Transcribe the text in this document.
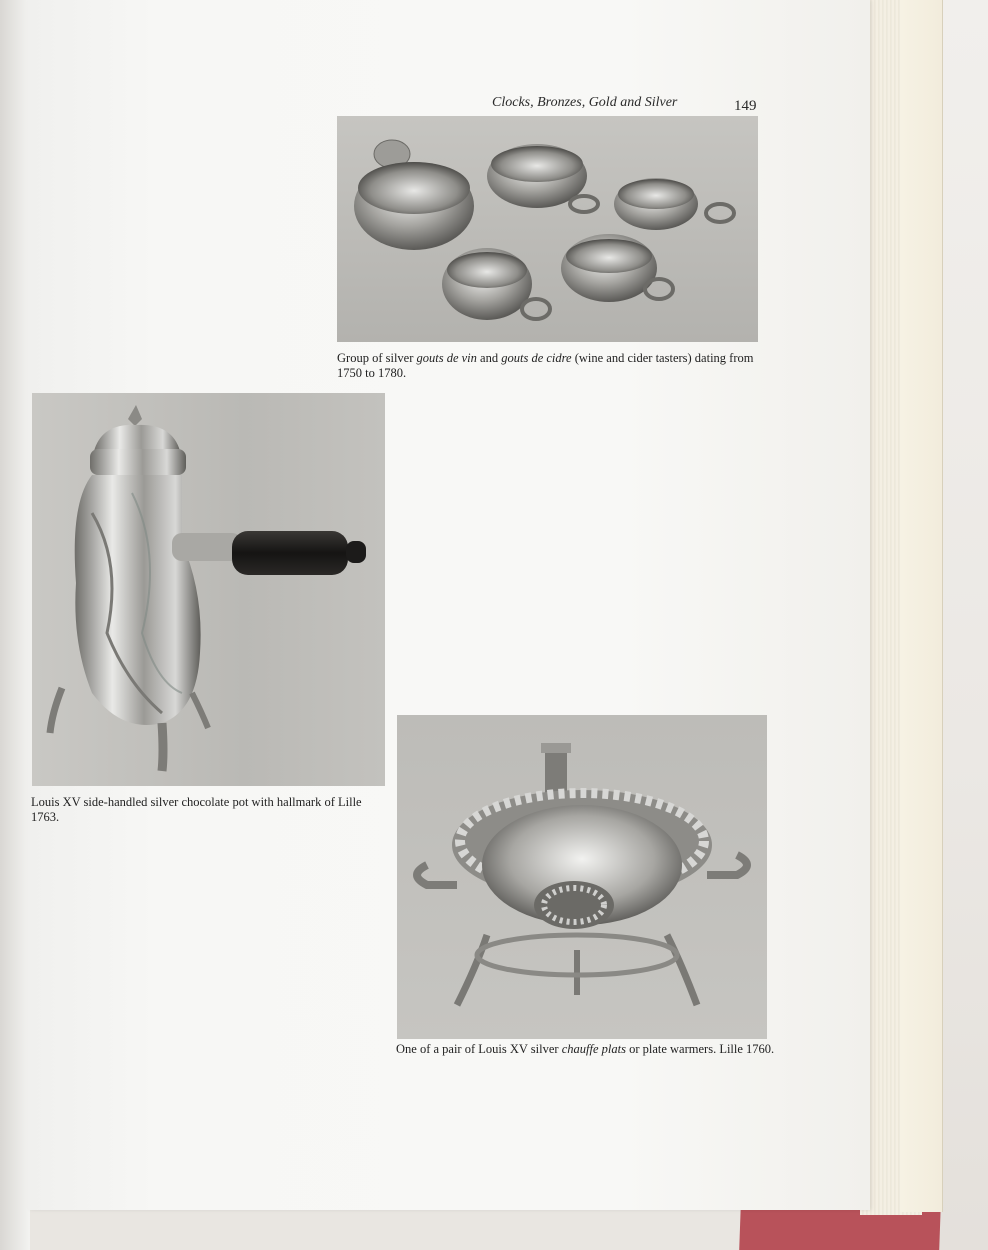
Clocks, Bronzes, Gold and Silver	149
Group of silver gouts de vin and gouts de cidre (wine and cider tasters) dating from 1750 to 1780.
Louis XV side-handled silver chocolate pot with hallmark of Lille 1763.
One of a pair of Louis XV silver chauffe plats or plate warmers. Lille 1760.
